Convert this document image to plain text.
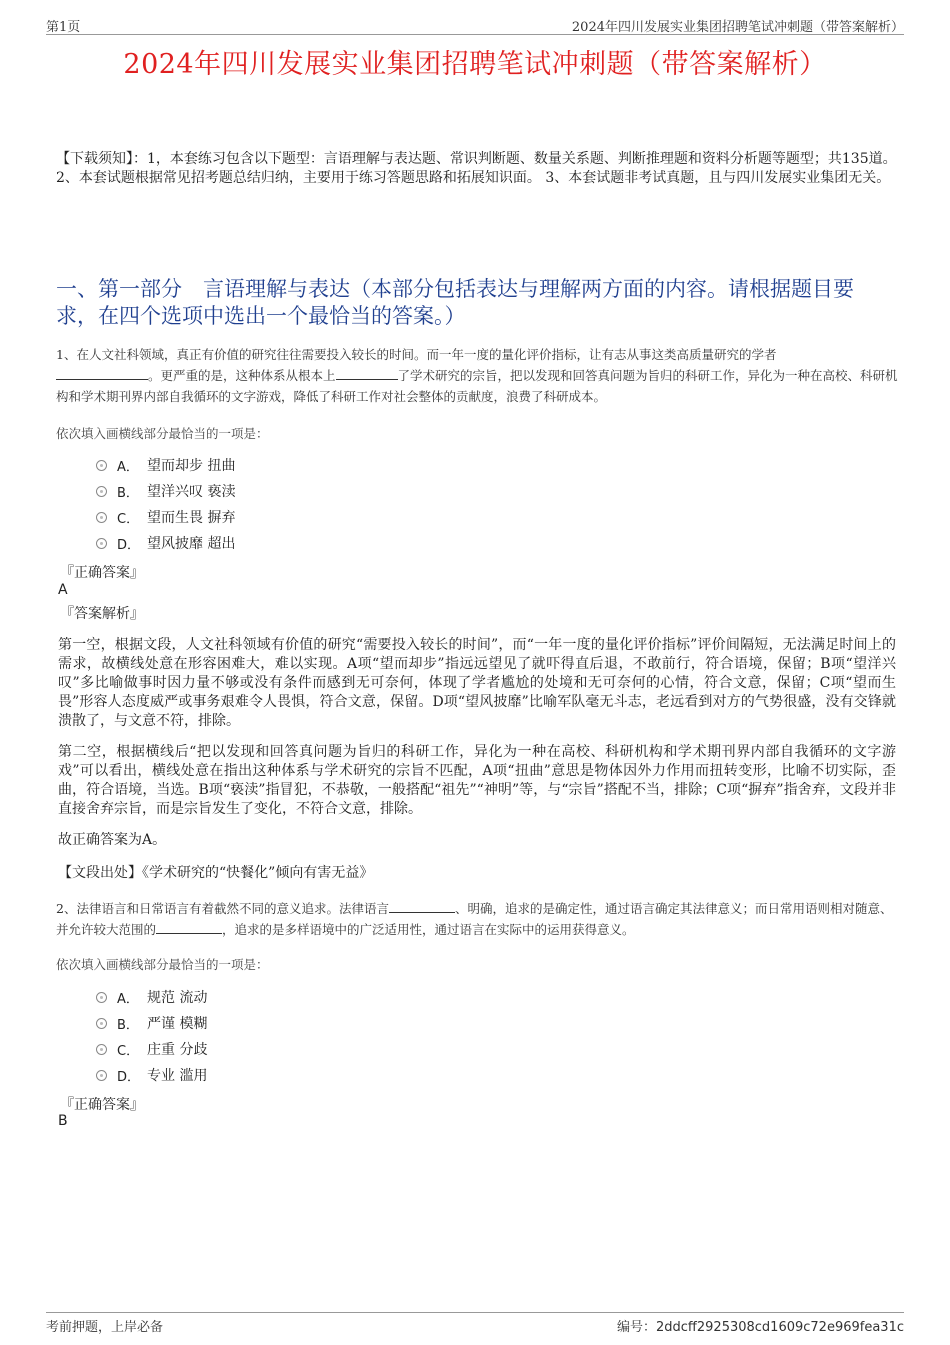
第1页	2024年四川发展实业集团招聘笔试冲刺题（带答案解析）
2024年四川发展实业集团招聘笔试冲刺题（带答案解析）
【下载须知】：1，本套练习包含以下题型：言语理解与表达题、常识判断题、数量关系题、判断推理题和资料分析题等题型；共135道。 2、本套试题根据常见招考题总结归纳，主要用于练习答题思路和拓展知识面。 3、本套试题非考试真题，且与四川发展实业集团无关。
一、第一部分　言语理解与表达（本部分包括表达与理解两方面的内容。请根据题目要求，在四个选项中选出一个最恰当的答案。）
1、在人文社科领域，真正有价值的研究往往需要投入较长的时间。而一年一度的量化评价指标，让有志从事这类高质量研究的学者
。更严重的是，这种体系从根本上	了学术研究的宗旨，把以发现和回答真问题为旨归的科研工作，异化为一种在高校、科研机构和学术期刊界内部自我循环的文字游戏，降低了科研工作对社会整体的贡献度，浪费了科研成本。
依次填入画横线部分最恰当的一项是：
A． 望而却步 扭曲
B． 望洋兴叹 亵渎
C． 望而生畏 摒弃
D． 望风披靡 超出
『正确答案』
A
『答案解析』

第一空，根据文段，人文社科领域有价值的研究“需要投入较长的时间”，而“一年一度的量化评价指标”评价间隔短，无法满足时间上的需求，故横线处意在形容困难大，难以实现。A项“望而却步”指远远望见了就吓得直后退，不敢前行，符合语境，保留；B项“望洋兴叹”多比喻做事时因力量不够或没有条件而感到无可奈何，体现了学者尴尬的处境和无可奈何的心情，符合文意，保留；C项“望而生畏”形容人态度威严或事务艰难令人畏惧，符合文意，保留。D项“望风披靡”比喻军队毫无斗志，老远看到对方的气势很盛，没有交锋就溃散了，与文意不符，排除。

第二空，根据横线后“把以发现和回答真问题为旨归的科研工作，异化为一种在高校、科研机构和学术期刊界内部自我循环的文字游戏”可以看出，横线处意在指出这种体系与学术研究的宗旨不匹配，A项“扭曲”意思是物体因外力作用而扭转变形，比喻不切实际，歪曲，符合语境，当选。B项“亵渎”指冒犯，不恭敬，一般搭配“祖先”“神明”等，与“宗旨”搭配不当，排除；C项“摒弃”指舍弃，文段并非直接舍弃宗旨，而是宗旨发生了变化，不符合文意，排除。

故正确答案为A。

【文段出处】《学术研究的“快餐化”倾向有害无益》
2、法律语言和日常语言有着截然不同的意义追求。法律语言	、明确，追求的是确定性，通过语言确定其法律意义；而日常用语则相对随意、并允许较大范围的	，追求的是多样语境中的广泛适用性，通过语言在实际中的运用获得意义。
依次填入画横线部分最恰当的一项是：
A． 规范 流动
B． 严谨 模糊
C． 庄重 分歧
D． 专业 滥用
『正确答案』
B
考前押题，上岸必备	编号：2ddcff2925308cd1609c72e969fea31c
